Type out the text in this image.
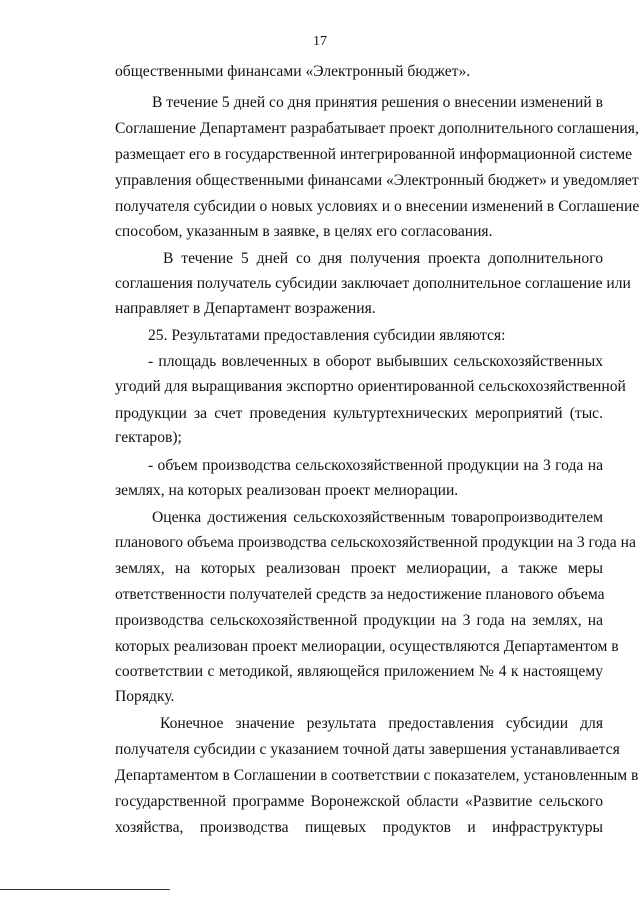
17
общественными финансами «Электронный бюджет».
В течение 5 дней со дня принятия решения о внесении изменений в
Соглашение Департамент разрабатывает проект дополнительного соглашения,
размещает его в государственной интегрированной информационной системе
управления общественными финансами «Электронный бюджет» и уведомляет
получателя субсидии о новых условиях и о внесении изменений в Соглашение
способом, указанным в заявке, в целях его согласования.
В течение 5 дней со дня получения проекта дополнительного
соглашения получатель субсидии заключает дополнительное соглашение или
направляет в Департамент возражения.
25. Результатами предоставления субсидии являются:
- площадь вовлеченных в оборот выбывших сельскохозяйственных
угодий для выращивания экспортно ориентированной сельскохозяйственной
продукции за счет проведения культуртехнических мероприятий (тыс.
гектаров);
- объем производства сельскохозяйственной продукции на 3 года на
землях, на которых реализован проект мелиорации.
Оценка достижения сельскохозяйственным товаропроизводителем
планового объема производства сельскохозяйственной продукции на 3 года на
землях, на которых реализован проект мелиорации, а также меры
ответственности получателей средств за недостижение планового объема
производства сельскохозяйственной продукции на 3 года на землях, на
которых реализован проект мелиорации, осуществляются Департаментом в
соответствии с методикой, являющейся приложением № 4 к настоящему
Порядку.
Конечное значение результата предоставления субсидии для
получателя субсидии с указанием точной даты завершения устанавливается
Департаментом в Соглашении в соответствии с показателем, установленным в
государственной программе Воронежской области «Развитие сельского
хозяйства, производства пищевых продуктов и инфраструктуры
